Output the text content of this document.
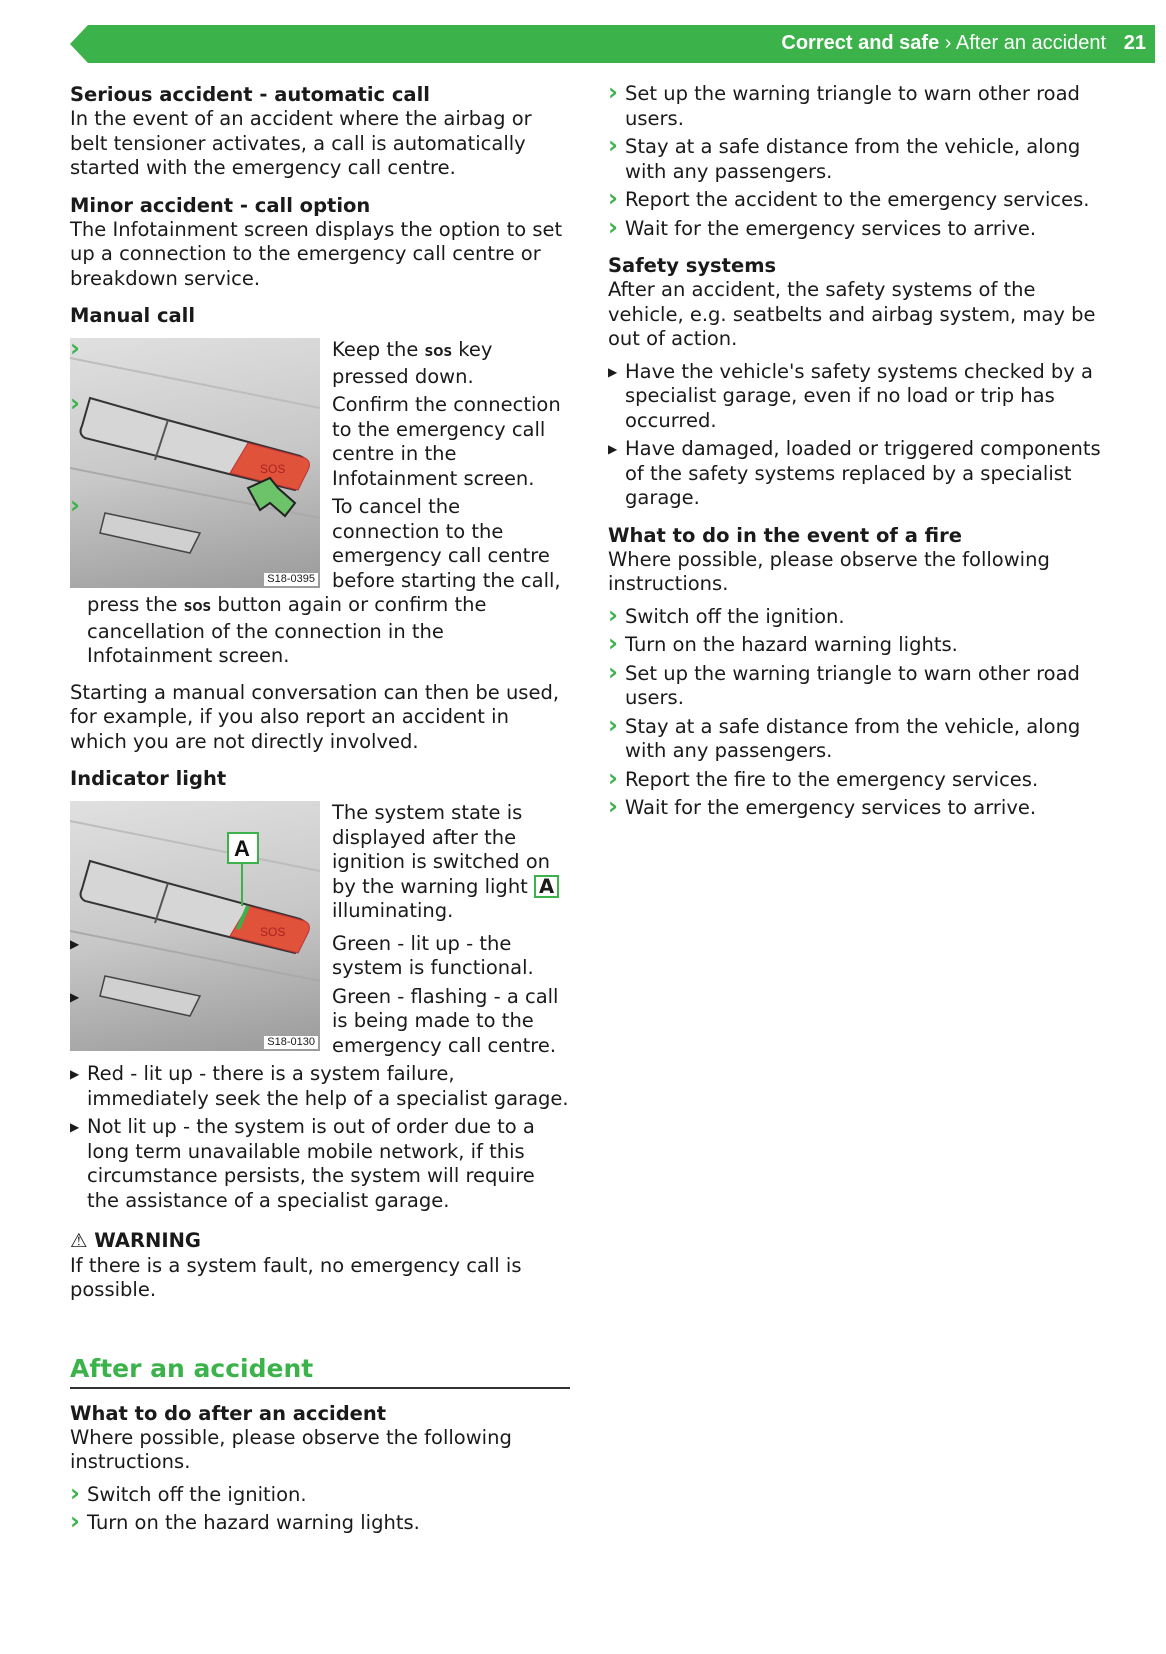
Correct and safe › After an accident 21
Serious accident - automatic call

In the event of an accident where the airbag or belt tensioner activates, a call is automatically started with the emergency call centre.

Minor accident - call option

The Infotainment screen displays the option to set up a connection to the emergency call centre or breakdown service.

Manual call
SOS
S18-0395
› Keep the SOS key pressed down.
› Confirm the connection to the emergency call centre in the Infotainment screen.
› To cancel the connection to the emergency call centre before starting the call, press the SOS button again or confirm the cancellation of the connection in the Infotainment screen.

Starting a manual conversation can then be used, for example, if you also report an accident in which you are not directly involved.

Indicator light
SOS
A
S18-0130

The system state is displayed after the ignition is switched on by the warning light A illuminating.

▶ Green - lit up - the system is functional.
▶ Green - flashing - a call is being made to the emergency call centre.
▶ Red - lit up - there is a system failure, immediately seek the help of a specialist garage.
▶ Not lit up - the system is out of order due to a long term unavailable mobile network, if this circumstance persists, the system will require the assistance of a specialist garage.
⚠ WARNING

If there is a system fault, no emergency call is possible.

After an accident
What to do after an accident

Where possible, please observe the following instructions.

› Switch off the ignition.
› Turn on the hazard warning lights.
› Set up the warning triangle to warn other road users.
› Stay at a safe distance from the vehicle, along with any passengers.
› Report the accident to the emergency services.
› Wait for the emergency services to arrive.
Safety systems

After an accident, the safety systems of the vehicle, e.g. seatbelts and airbag system, may be out of action.

▶ Have the vehicle's safety systems checked by a specialist garage, even if no load or trip has occurred.
▶ Have damaged, loaded or triggered components of the safety systems replaced by a specialist garage.
What to do in the event of a fire

Where possible, please observe the following instructions.

› Switch off the ignition.
› Turn on the hazard warning lights.
› Set up the warning triangle to warn other road users.
› Stay at a safe distance from the vehicle, along with any passengers.
› Report the fire to the emergency services.
› Wait for the emergency services to arrive.
